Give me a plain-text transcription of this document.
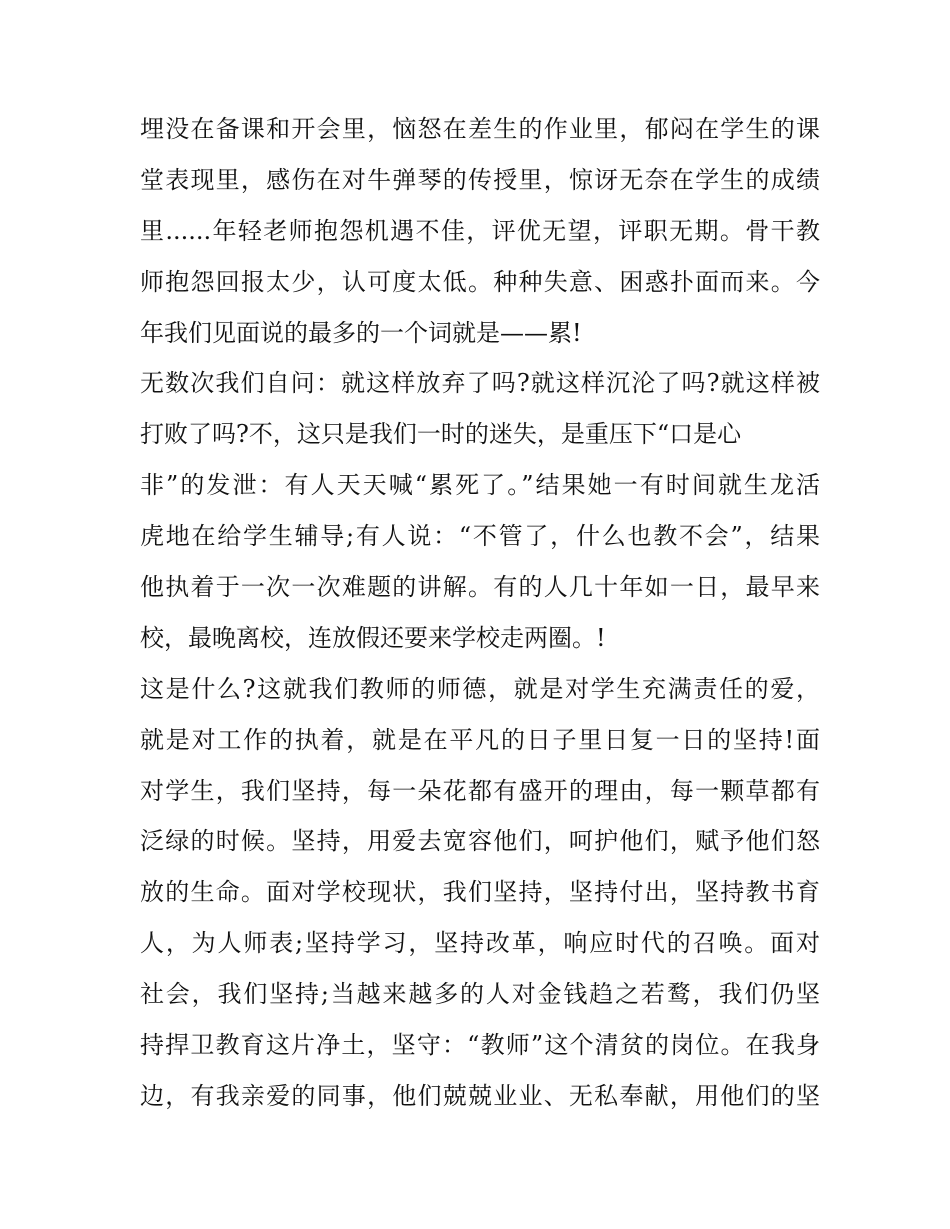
埋没在备课和开会里，恼怒在差生的作业里，郁闷在学生的课
堂表现里，感伤在对牛弹琴的传授里，惊讶无奈在学生的成绩
里......年轻老师抱怨机遇不佳，评优无望，评职无期。骨干教
师抱怨回报太少，认可度太低。种种失意、困惑扑面而来。今
年我们见面说的最多的一个词就是——累!
无数次我们自问：就这样放弃了吗?就这样沉沦了吗?就这样被
打败了吗?不，这只是我们一时的迷失，是重压下“口是心
非”的发泄：有人天天喊“累死了。”结果她一有时间就生龙活
虎地在给学生辅导;有人说：“不管了，什么也教不会”，结果
他执着于一次一次难题的讲解。有的人几十年如一日，最早来
校，最晚离校，连放假还要来学校走两圈。!
这是什么?这就我们教师的师德，就是对学生充满责任的爱，
就是对工作的执着，就是在平凡的日子里日复一日的坚持!面
对学生，我们坚持，每一朵花都有盛开的理由，每一颗草都有
泛绿的时候。坚持，用爱去宽容他们，呵护他们，赋予他们怒
放的生命。面对学校现状，我们坚持，坚持付出，坚持教书育
人，为人师表;坚持学习，坚持改革，响应时代的召唤。面对
社会，我们坚持;当越来越多的人对金钱趋之若鹜，我们仍坚
持捍卫教育这片净土，坚守：“教师”这个清贫的岗位。在我身
边，有我亲爱的同事，他们兢兢业业、无私奉献，用他们的坚
